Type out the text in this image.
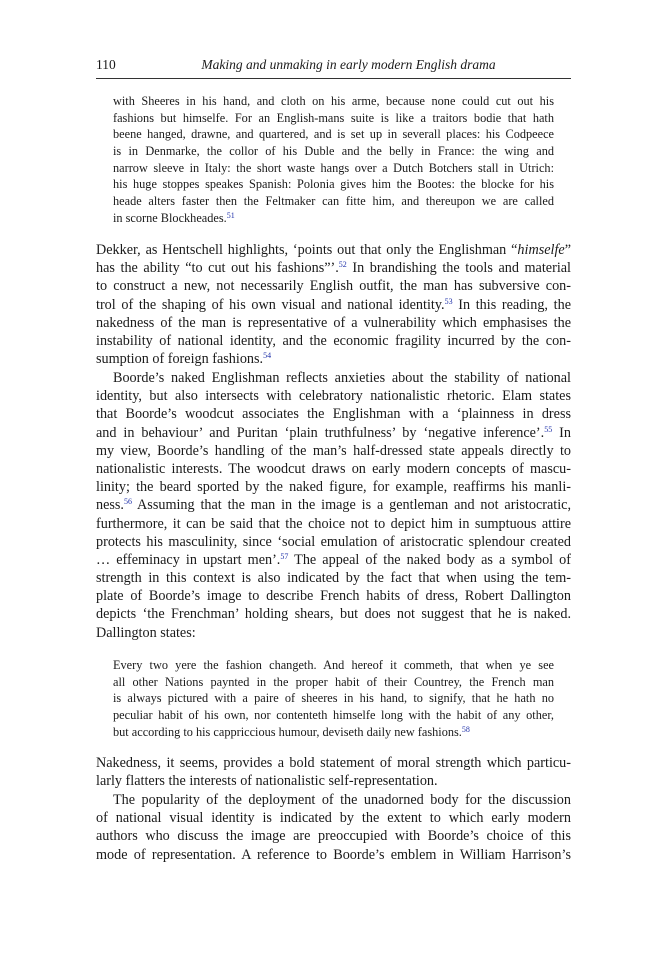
110	Making and unmaking in early modern English drama
with Sheeres in his hand, and cloth on his arme, because none could cut out his
fashions but himselfe. For an English-mans suite is like a traitors bodie that hath
beene hanged, drawne, and quartered, and is set up in severall places: his Codpeece
is in Denmarke, the collor of his Duble and the belly in France: the wing and
narrow sleeve in Italy: the short waste hangs over a Dutch Botchers stall in Utrich:
his huge stoppes speakes Spanish: Polonia gives him the Bootes: the blocke for his
heade alters faster then the Feltmaker can fitte him, and thereupon we are called
in scorne Blockheades.$^{51}$
Dekker, as Hentschell highlights, ‘points out that only the Englishman “himselfe”
has the ability “to cut out his fashions”’.$^{52}$ In brandishing the tools and material
to construct a new, not necessarily English outfit, the man has subversive con-
trol of the shaping of his own visual and national identity.$^{53}$ In this reading, the
nakedness of the man is representative of a vulnerability which emphasises the
instability of national identity, and the economic fragility incurred by the con-
sumption of foreign fashions.$^{54}$
Boorde’s naked Englishman reflects anxieties about the stability of national
identity, but also intersects with celebratory nationalistic rhetoric. Elam states
that Boorde’s woodcut associates the Englishman with a ‘plainness in dress
and in behaviour’ and Puritan ‘plain truthfulness’ by ‘negative inference’.$^{55}$ In
my view, Boorde’s handling of the man’s half-dressed state appeals directly to
nationalistic interests. The woodcut draws on early modern concepts of mascu-
linity; the beard sported by the naked figure, for example, reaffirms his manli-
ness.$^{56}$ Assuming that the man in the image is a gentleman and not aristocratic,
furthermore, it can be said that the choice not to depict him in sumptuous attire
protects his masculinity, since ‘social emulation of aristocratic splendour created
… effeminacy in upstart men’.$^{57}$ The appeal of the naked body as a symbol of
strength in this context is also indicated by the fact that when using the tem-
plate of Boorde’s image to describe French habits of dress, Robert Dallington
depicts ‘the Frenchman’ holding shears, but does not suggest that he is naked.
Dallington states:
Every two yere the fashion changeth. And hereof it commeth, that when ye see
all other Nations paynted in the proper habit of their Countrey, the French man
is always pictured with a paire of sheeres in his hand, to signify, that he hath no
peculiar habit of his own, nor contenteth himselfe long with the habit of any other,
but according to his cappriccious humour, deviseth daily new fashions.$^{58}$
Nakedness, it seems, provides a bold statement of moral strength which particu-
larly flatters the interests of nationalistic self-representation.
The popularity of the deployment of the unadorned body for the discussion
of national visual identity is indicated by the extent to which early modern
authors who discuss the image are preoccupied with Boorde’s choice of this
mode of representation. A reference to Boorde’s emblem in William Harrison’s
